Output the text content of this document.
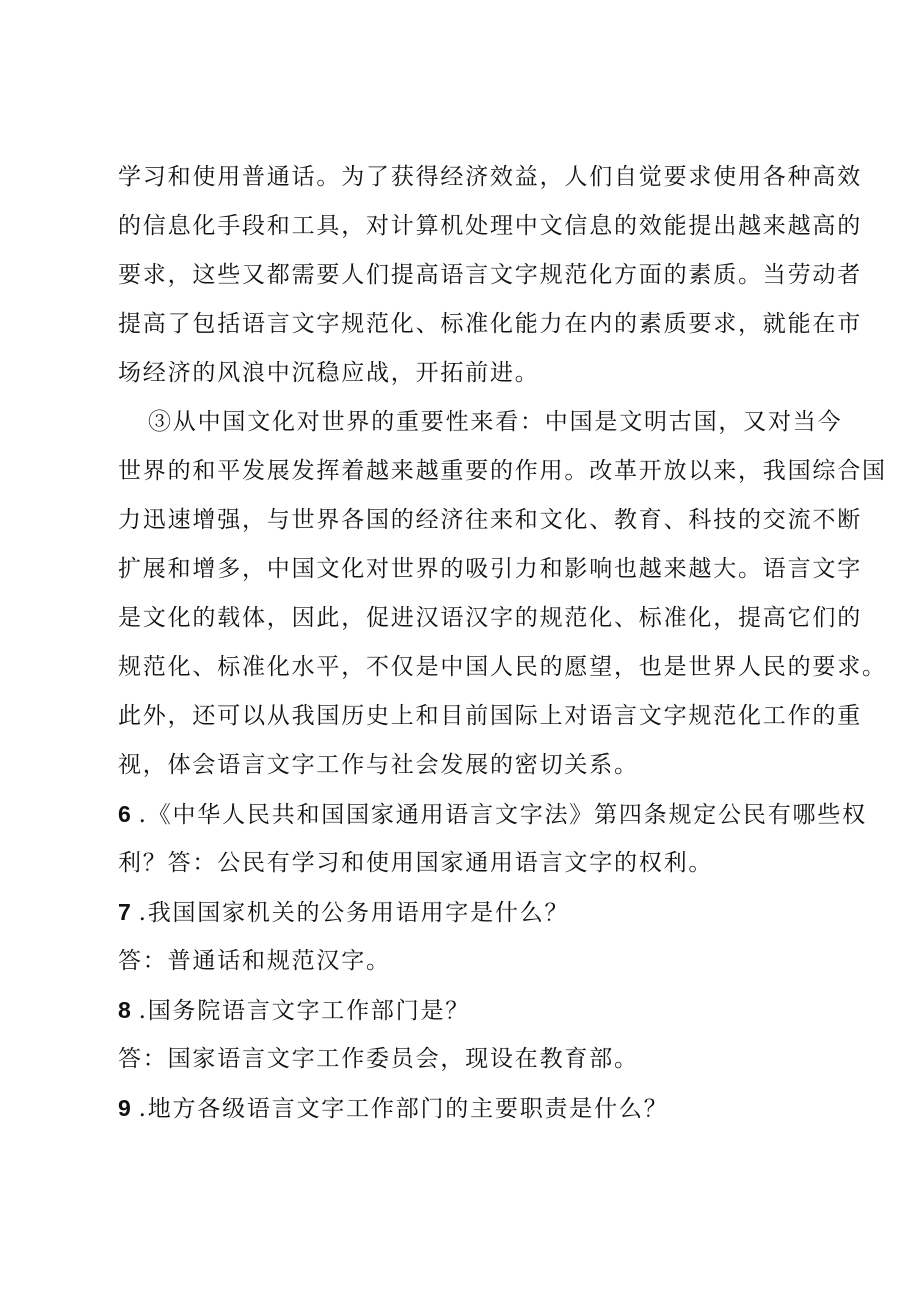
学习和使用普通话。为了获得经济效益，人们自觉要求使用各种高效
的信息化手段和工具，对计算机处理中文信息的效能提出越来越高的
要求，这些又都需要人们提高语言文字规范化方面的素质。当劳动者
提高了包括语言文字规范化、标准化能力在内的素质要求，就能在市
场经济的风浪中沉稳应战，开拓前进。
③从中国文化对世界的重要性来看：中国是文明古国，又对当今
世界的和平发展发挥着越来越重要的作用。改革开放以来，我国综合国
力迅速增强，与世界各国的经济往来和文化、教育、科技的交流不断
扩展和增多，中国文化对世界的吸引力和影响也越来越大。语言文字
是文化的载体，因此，促进汉语汉字的规范化、标准化，提高它们的
规范化、标准化水平，不仅是中国人民的愿望，也是世界人民的要求。
此外，还可以从我国历史上和目前国际上对语言文字规范化工作的重
视，体会语言文字工作与社会发展的密切关系。
6 .《中华人民共和国国家通用语言文字法》第四条规定公民有哪些权
利？答：公民有学习和使用国家通用语言文字的权利。
7 .我国国家机关的公务用语用字是什么？
答：普通话和规范汉字。
8 .国务院语言文字工作部门是？
答：国家语言文字工作委员会，现设在教育部。
9 .地方各级语言文字工作部门的主要职责是什么？
